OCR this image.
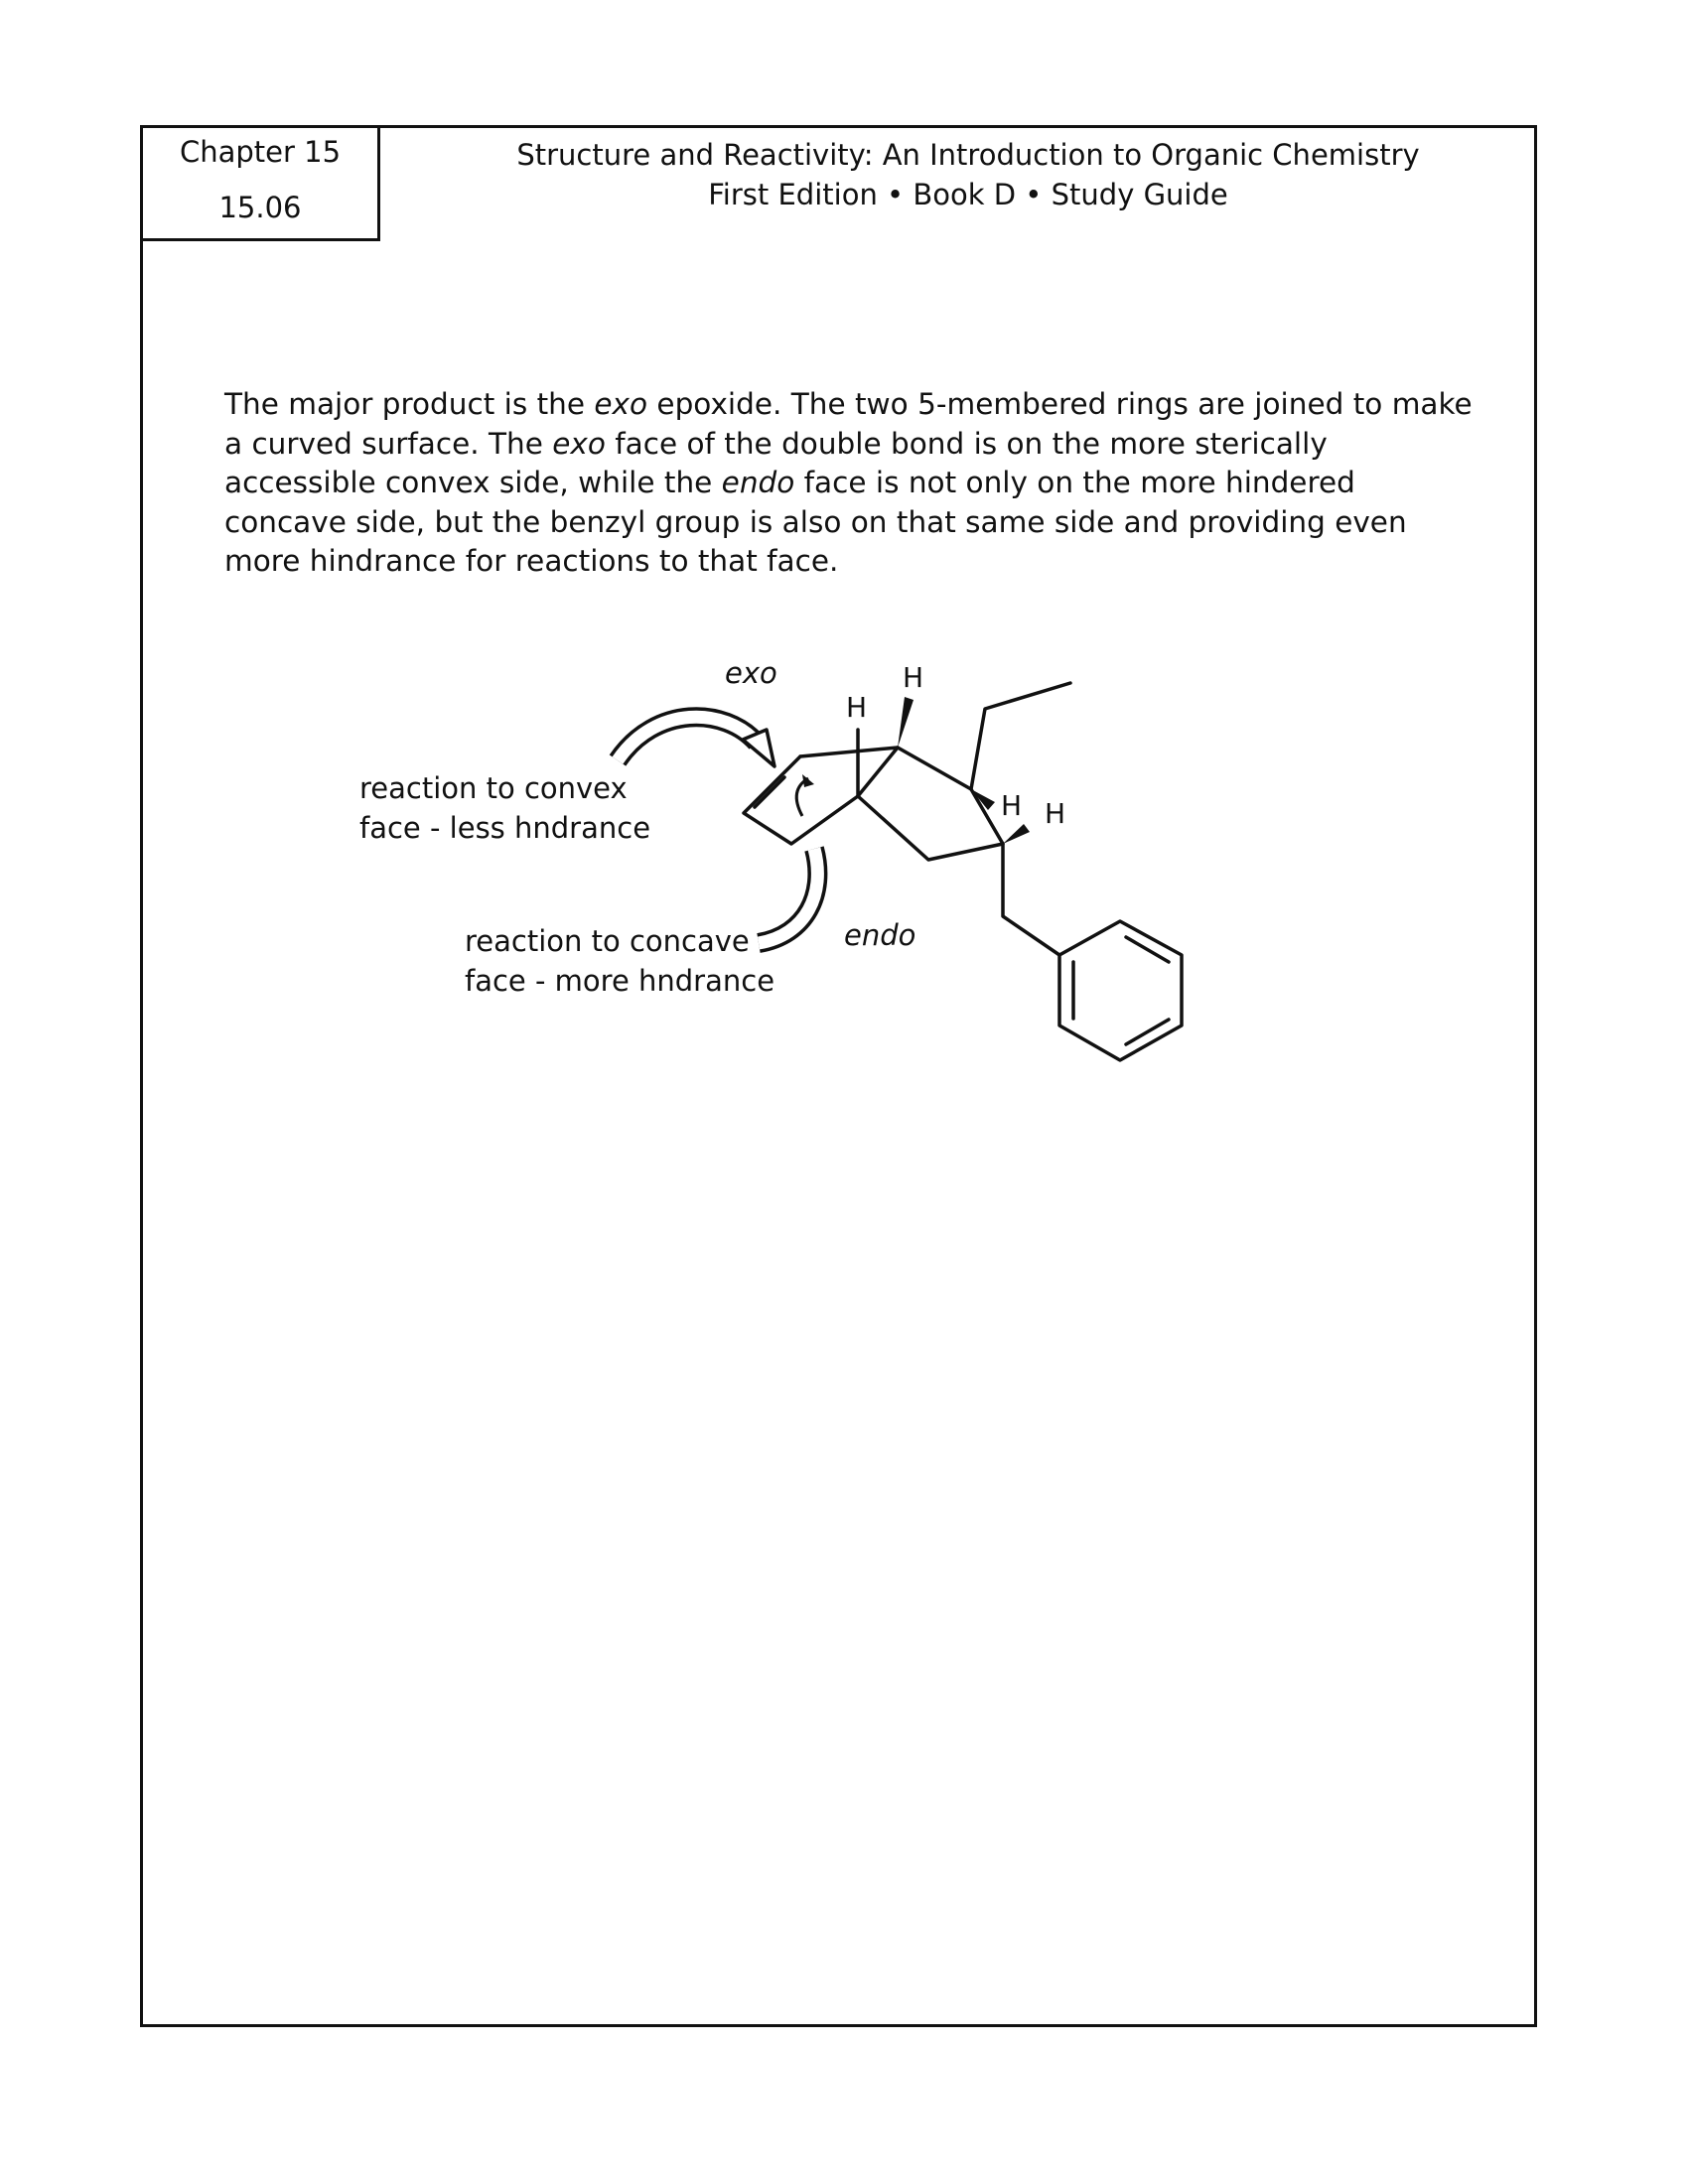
Chapter 15
15.06
Structure and Reactivity: An Introduction to Organic Chemistry
First Edition • Book D • Study Guide

The major product is the exo epoxide. The two 5-membered rings are joined to make a curved surface. The exo face of the double bond is on the more sterically accessible convex side, while the endo face is not only on the more hindered concave side, but the benzyl group is also on that same side and providing even more hindrance for reactions to that face.

exo
endo
reaction to convex
face - less hndrance
reaction to concave
face - more hndrance
H
H
H H
